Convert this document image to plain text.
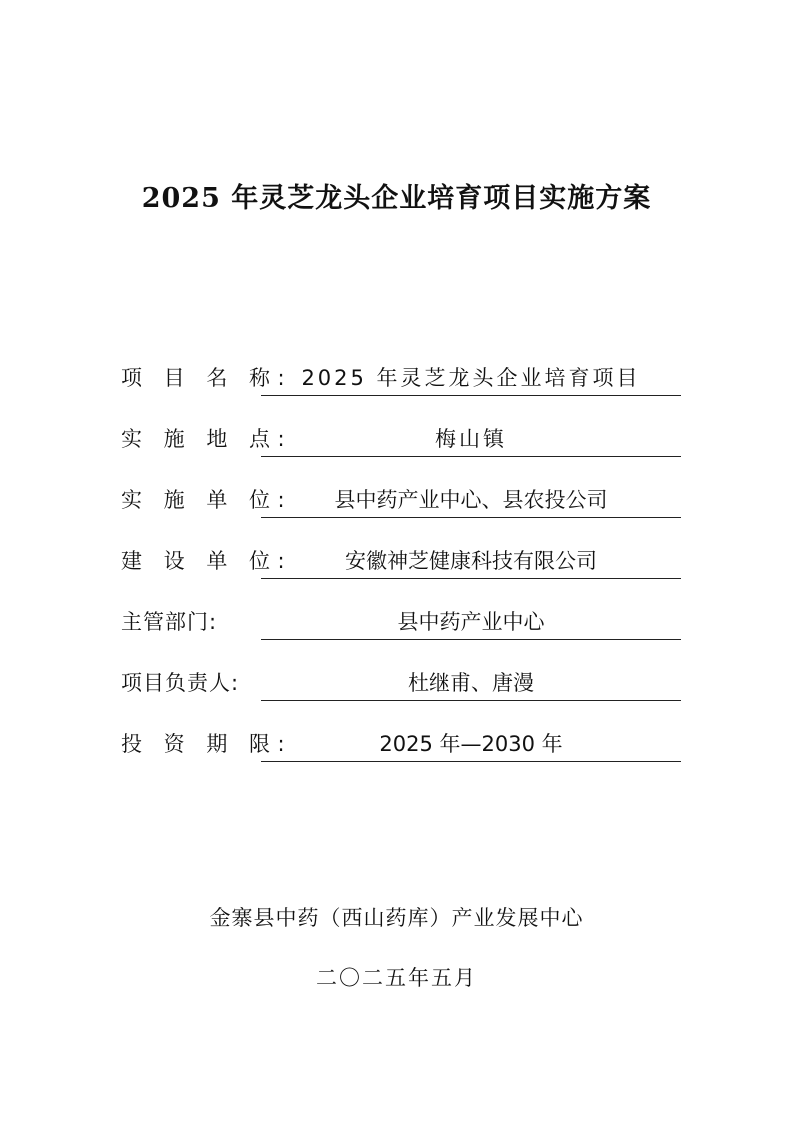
2025 年灵芝龙头企业培育项目实施方案
项 目 名 称: 2025 年灵芝龙头企业培育项目
实 施 地 点:	梅山镇
实 施 单 位:	县中药产业中心、县农投公司
建 设 单 位:	安徽神芝健康科技有限公司
主管部门:	县中药产业中心
项目负责人:	杜继甫、唐漫
投 资 期 限:	2025 年—2030 年
金寨县中药（西山药库）产业发展中心
二〇二五年五月
